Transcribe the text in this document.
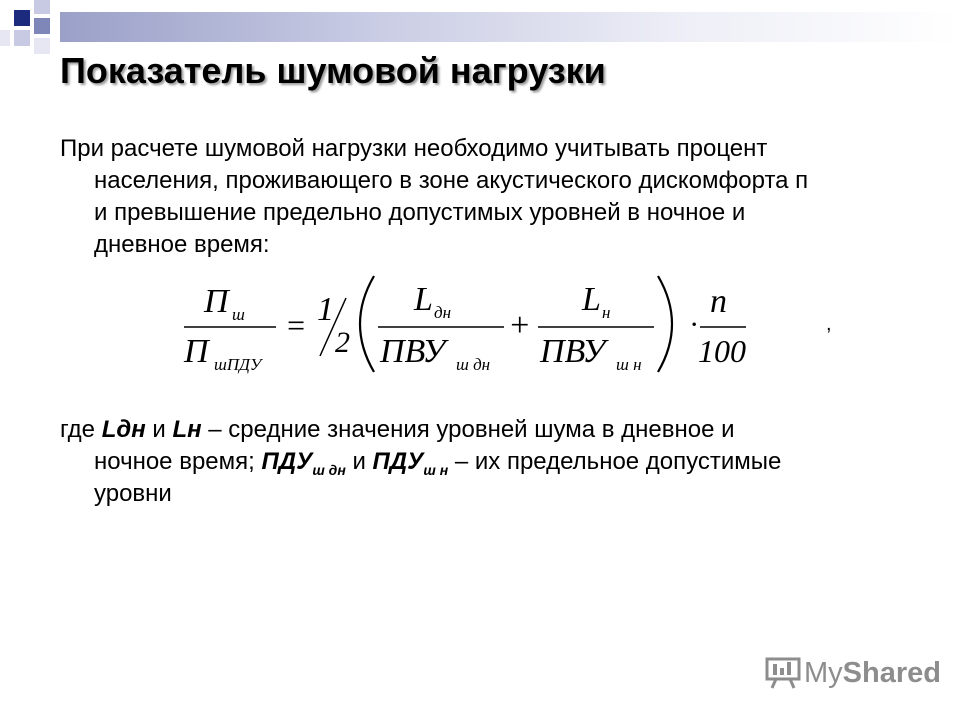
Показатель шумовой нагрузки
При расчете шумовой нагрузки необходимо учитывать процент
населения, проживающего в зоне акустического дискомфорта п
и превышение предельно допустимых уровней в ночное и
дневное время:
П ш
П шПДУ
= 1
2
L дн
ПВУ ш дн
+
L н
ПВУ ш н
·
n
100
,
где Lдн и Lн – средние значения уровней шума в дневное и
ночное время; $ПДУ_{ш дн}$ и $ПДУ_{ш н}$ – их предельное допустимые
уровни
MyShared
